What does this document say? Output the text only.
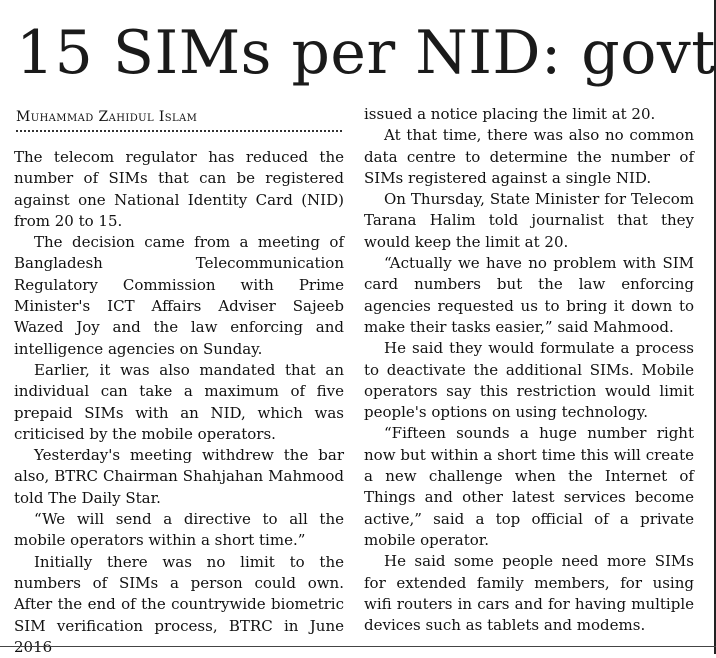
15 SIMs per NID: govt
Muhammad Zahidul Islam

The telecom regulator has reduced the number of SIMs that can be registered against one National Identity Card (NID) from 20 to 15.

The decision came from a meeting of Bangladesh Telecommunication Regulatory Commission with Prime Minister's ICT Affairs Adviser Sajeeb Wazed Joy and the law enforcing and intelligence agencies on Sunday.

Earlier, it was also mandated that an individual can take a maximum of five prepaid SIMs with an NID, which was criticised by the mobile operators.

Yesterday's meeting withdrew the bar also, BTRC Chairman Shahjahan Mahmood told The Daily Star.

“We will send a directive to all the mobile operators within a short time.”

Initially there was no limit to the numbers of SIMs a person could own. After the end of the countrywide biometric SIM verification process, BTRC in June 2016

issued a notice placing the limit at 20.

At that time, there was also no common data centre to determine the number of SIMs registered against a single NID.

On Thursday, State Minister for Telecom Tarana Halim told journalist that they would keep the limit at 20.

“Actually we have no problem with SIM card numbers but the law enforcing agencies requested us to bring it down to make their tasks easier,” said Mahmood.

He said they would formulate a process to deactivate the additional SIMs. Mobile operators say this restriction would limit people's options on using technology.

“Fifteen sounds a huge number right now but within a short time this will create a new challenge when the Internet of Things and other latest services become active,” said a top official of a private mobile operator.

He said some people need more SIMs for extended family members, for using wifi routers in cars and for having multiple devices such as tablets and modems.
